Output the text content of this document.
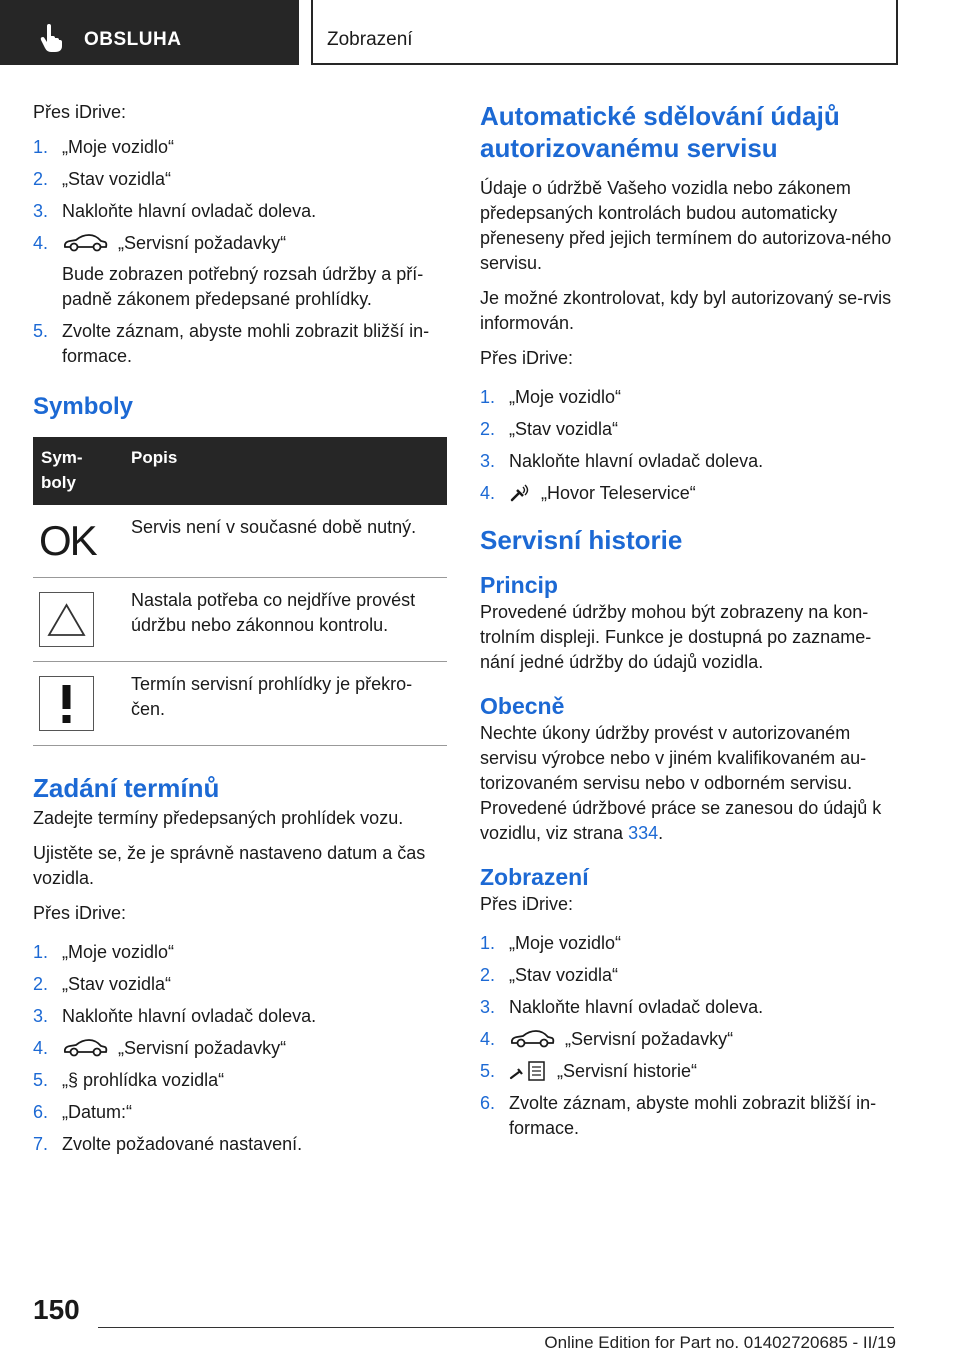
OBSLUHA	Zobrazení

Přes iDrive:

1. „Moje vozidlo“
2. „Stav vozidla“
3. Nakloňte hlavní ovladač doleva.
4.	„Servisní požadavky“
Bude zobrazen potřebný rozsah údržby a pří-padně zákonem předepsané prohlídky.
5. Zvolte záznam, abyste mohli zobrazit bližší in-formace.
Symboly
Sym-boly	Popis

OK	Servis není v současné době nutný.

	Nastala potřeba co nejdříve provést údržbu nebo zákonnou kontrolu.

	Termín servisní prohlídky je překro-čen.
Zadání termínů

Zadejte termíny předepsaných prohlídek vozu.

Ujistěte se, že je správně nastaveno datum a čas vozidla.

Přes iDrive:

1. „Moje vozidlo“
2. „Stav vozidla“
3. Nakloňte hlavní ovladač doleva.
4.	„Servisní požadavky“
5. „§ prohlídka vozidla“
6. „Datum:“
7. Zvolte požadované nastavení.
Automatické sdělování údajů autorizovanému servisu

Údaje o údržbě Vašeho vozidla nebo zákonem předepsaných kontrolách budou automaticky přeneseny před jejich termínem do autorizova-ného servisu.

Je možné zkontrolovat, kdy byl autorizovaný se-rvis informován.

Přes iDrive:

1. „Moje vozidlo“
2. „Stav vozidla“
3. Nakloňte hlavní ovladač doleva.
4.	„Hovor Teleservice“
Servisní historie
Princip

Provedené údržby mohou být zobrazeny na kon-trolním displeji. Funkce je dostupná po zazname-nání jedné údržby do údajů vozidla.

Obecně

Nechte úkony údržby provést v autorizovaném servisu výrobce nebo v jiném kvalifikovaném au-torizovaném servisu nebo v odborném servisu. Provedené údržbové práce se zanesou do údajů k vozidlu, viz strana 334.

Zobrazení

Přes iDrive:

1. „Moje vozidlo“
2. „Stav vozidla“
3. Nakloňte hlavní ovladač doleva.
4.	„Servisní požadavky“
5.	„Servisní historie“
6. Zvolte záznam, abyste mohli zobrazit bližší in-formace.
150
Online Edition for Part no. 01402720685 - II/19
